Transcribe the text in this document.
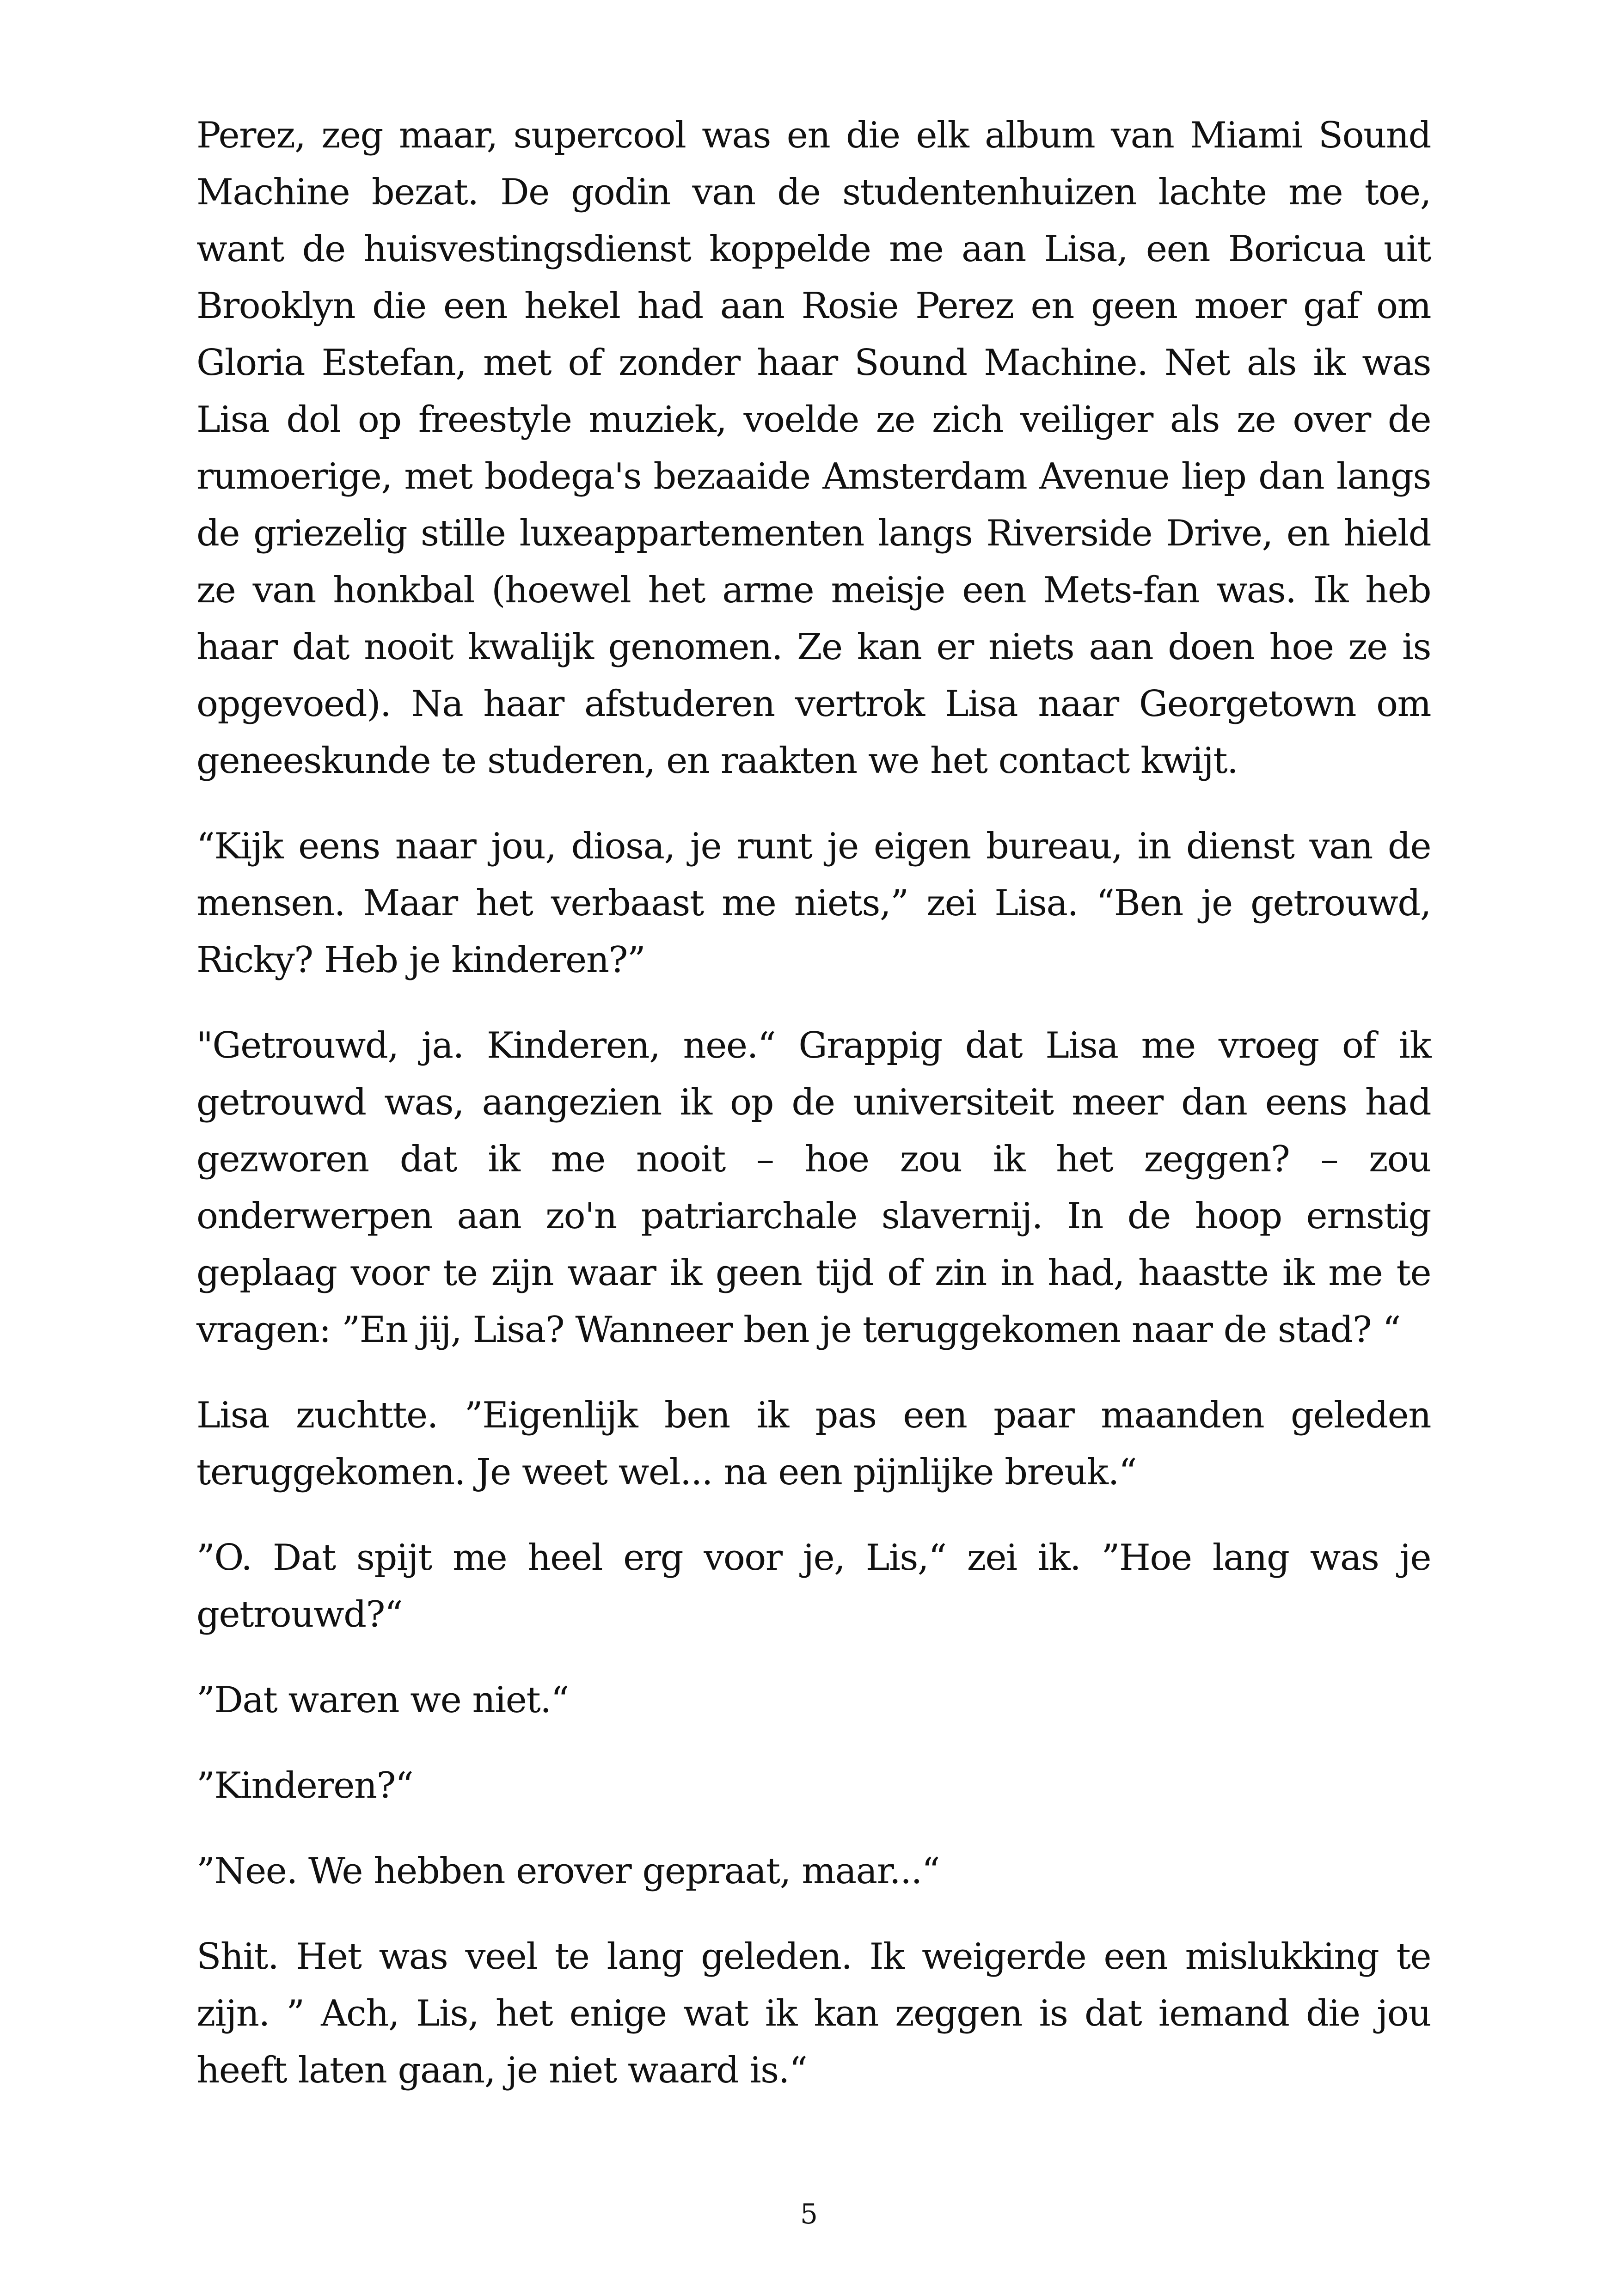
Perez, zeg maar, supercool was en die elk album van Miami Sound Machine bezat. De godin van de studentenhuizen lachte me toe, want de huisvestingsdienst koppelde me aan Lisa, een Boricua uit Brooklyn die een hekel had aan Rosie Perez en geen moer gaf om Gloria Estefan, met of zonder haar Sound Machine. Net als ik was Lisa dol op freestyle muziek, voelde ze zich veiliger als ze over de rumoerige, met bodega's bezaaide Amsterdam Avenue liep dan langs de griezelig stille luxeappartementen langs Riverside Drive, en hield ze van honkbal (hoewel het arme meisje een Mets-fan was. Ik heb haar dat nooit kwalijk genomen. Ze kan er niets aan doen hoe ze is opgevoed). Na haar afstuderen vertrok Lisa naar Georgetown om geneeskunde te studeren, en raakten we het contact kwijt.

“Kijk eens naar jou, diosa, je runt je eigen bureau, in dienst van de mensen. Maar het verbaast me niets,” zei Lisa. “Ben je getrouwd, Ricky? Heb je kinderen?”

"Getrouwd, ja. Kinderen, nee.“ Grappig dat Lisa me vroeg of ik getrouwd was, aangezien ik op de universiteit meer dan eens had gezworen dat ik me nooit – hoe zou ik het zeggen? – zou onderwerpen aan zo'n patriarchale slavernij. In de hoop ernstig geplaag voor te zijn waar ik geen tijd of zin in had, haastte ik me te vragen: ”En jij, Lisa? Wanneer ben je teruggekomen naar de stad? “

Lisa zuchtte. ”Eigenlijk ben ik pas een paar maanden geleden teruggekomen. Je weet wel... na een pijnlijke breuk.“

”O. Dat spijt me heel erg voor je, Lis,“ zei ik. ”Hoe lang was je getrouwd?“

”Dat waren we niet.“

”Kinderen?“

”Nee. We hebben erover gepraat, maar...“

Shit. Het was veel te lang geleden. Ik weigerde een mislukking te zijn. ” Ach, Lis, het enige wat ik kan zeggen is dat iemand die jou heeft laten gaan, je niet waard is.“

5
